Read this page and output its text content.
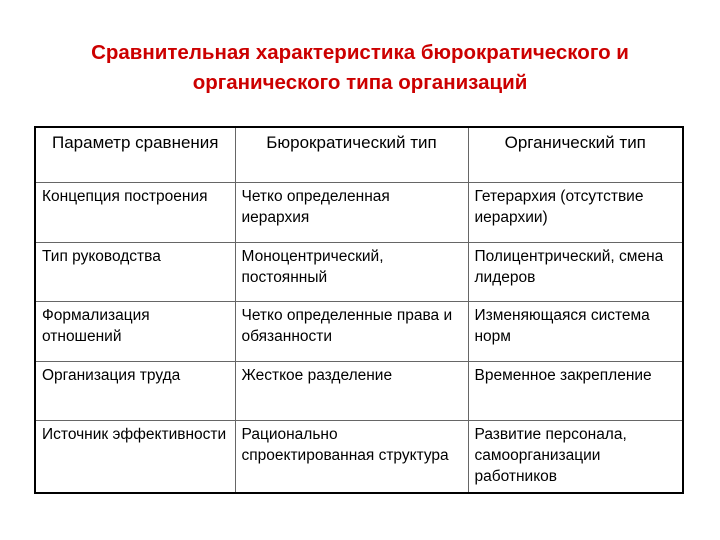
Сравнительная характеристика бюрократического и органического типа организаций
Параметр сравнения	Бюрократический тип	Органический тип
Концепция построения	Четко определенная иерархия	Гетерархия (отсутствие иерархии)
Тип руководства	Моноцентрический, постоянный	Полицентрический, смена лидеров
Формализация отношений	Четко определенные права и обязанности	Изменяющаяся система норм
Организация труда	Жесткое разделение	Временное закрепление
Источник эффективности	Рационально спроектированная структура	Развитие персонала, самоорганизации работников
